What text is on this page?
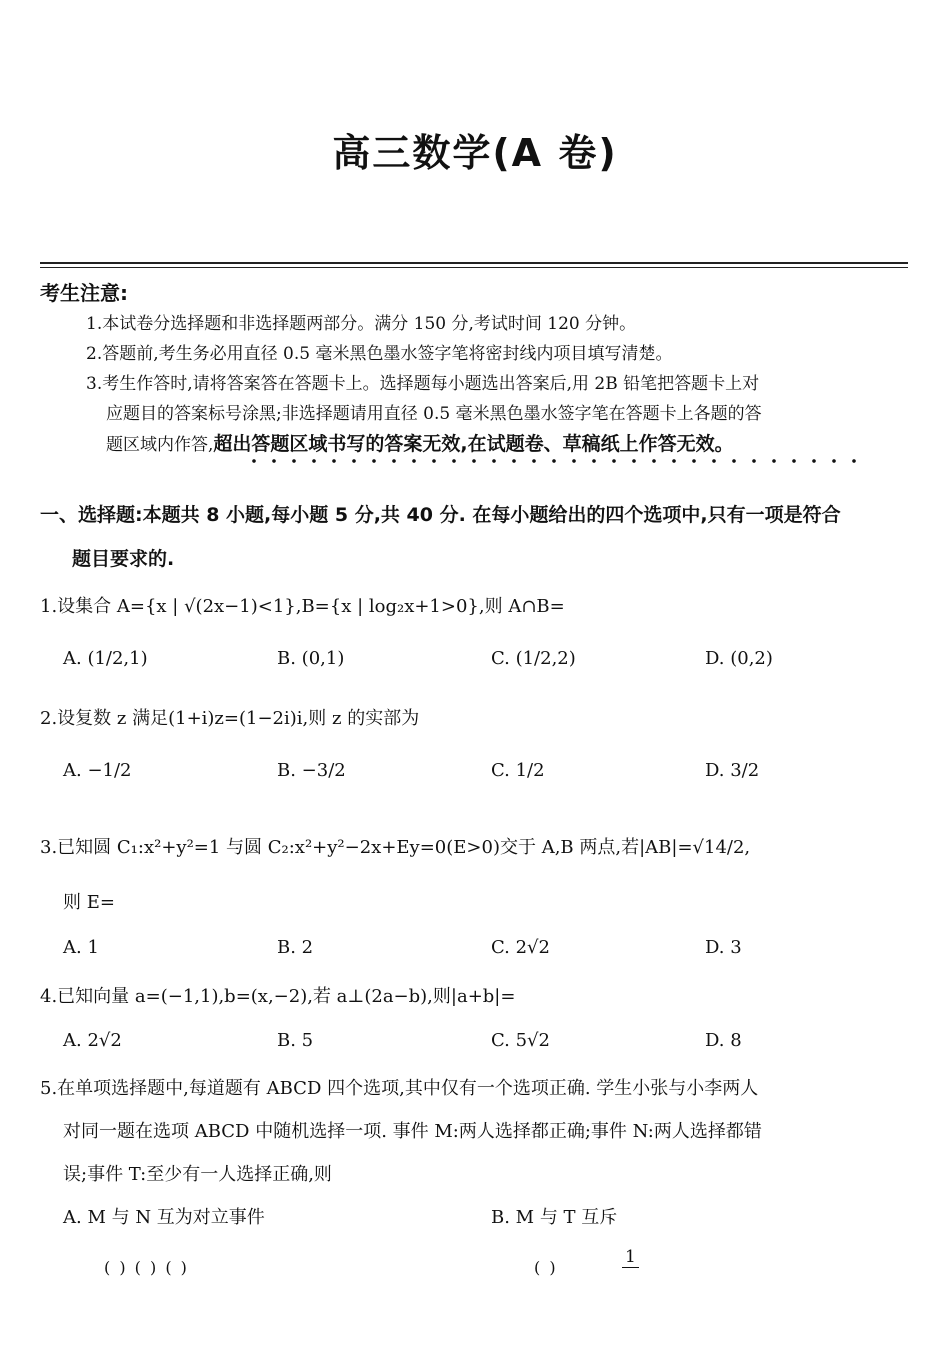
高三数学(A 卷)
考生注意:
1.本试卷分选择题和非选择题两部分。满分 150 分,考试时间 120 分钟。
2.答题前,考生务必用直径 0.5 毫米黑色墨水签字笔将密封线内项目填写清楚。
3.考生作答时,请将答案答在答题卡上。选择题每小题选出答案后,用 2B 铅笔把答题卡上对
应题目的答案标号涂黑;非选择题请用直径 0.5 毫米黑色墨水签字笔在答题卡上各题的答
题区域内作答,超出答题区域书写的答案无效,在试题卷、草稿纸上作答无效。
一、选择题:本题共 8 小题,每小题 5 分,共 40 分. 在每小题给出的四个选项中,只有一项是符合
题目要求的.
1.设集合 A={x | √(2x−1)<1},B={x | log₂x+1>0},则 A∩B=
A. (1/2,1)	B. (0,1)	C. (1/2,2)	D. (0,2)
2.设复数 z 满足(1+i)z=(1−2i)i,则 z 的实部为
A. −1/2	B. −3/2	C. 1/2	D. 3/2
3.已知圆 C₁:x²+y²=1 与圆 C₂:x²+y²−2x+Ey=0(E>0)交于 A,B 两点,若|AB|=√14/2,
则 E=
A. 1	B. 2	C. 2√2	D. 3
4.已知向量 a=(−1,1),b=(x,−2),若 a⊥(2a−b),则|a+b|=
A. 2√2	B. 5	C. 5√2	D. 8
5.在单项选择题中,每道题有 ABCD 四个选项,其中仅有一个选项正确. 学生小张与小李两人
对同一题在选项 ABCD 中随机选择一项. 事件 M:两人选择都正确;事件 N:两人选择都错
误;事件 T:至少有一人选择正确,则
A. M 与 N 互为对立事件	B. M 与 T 互斥
( ) ( ) ( )	( )
1
